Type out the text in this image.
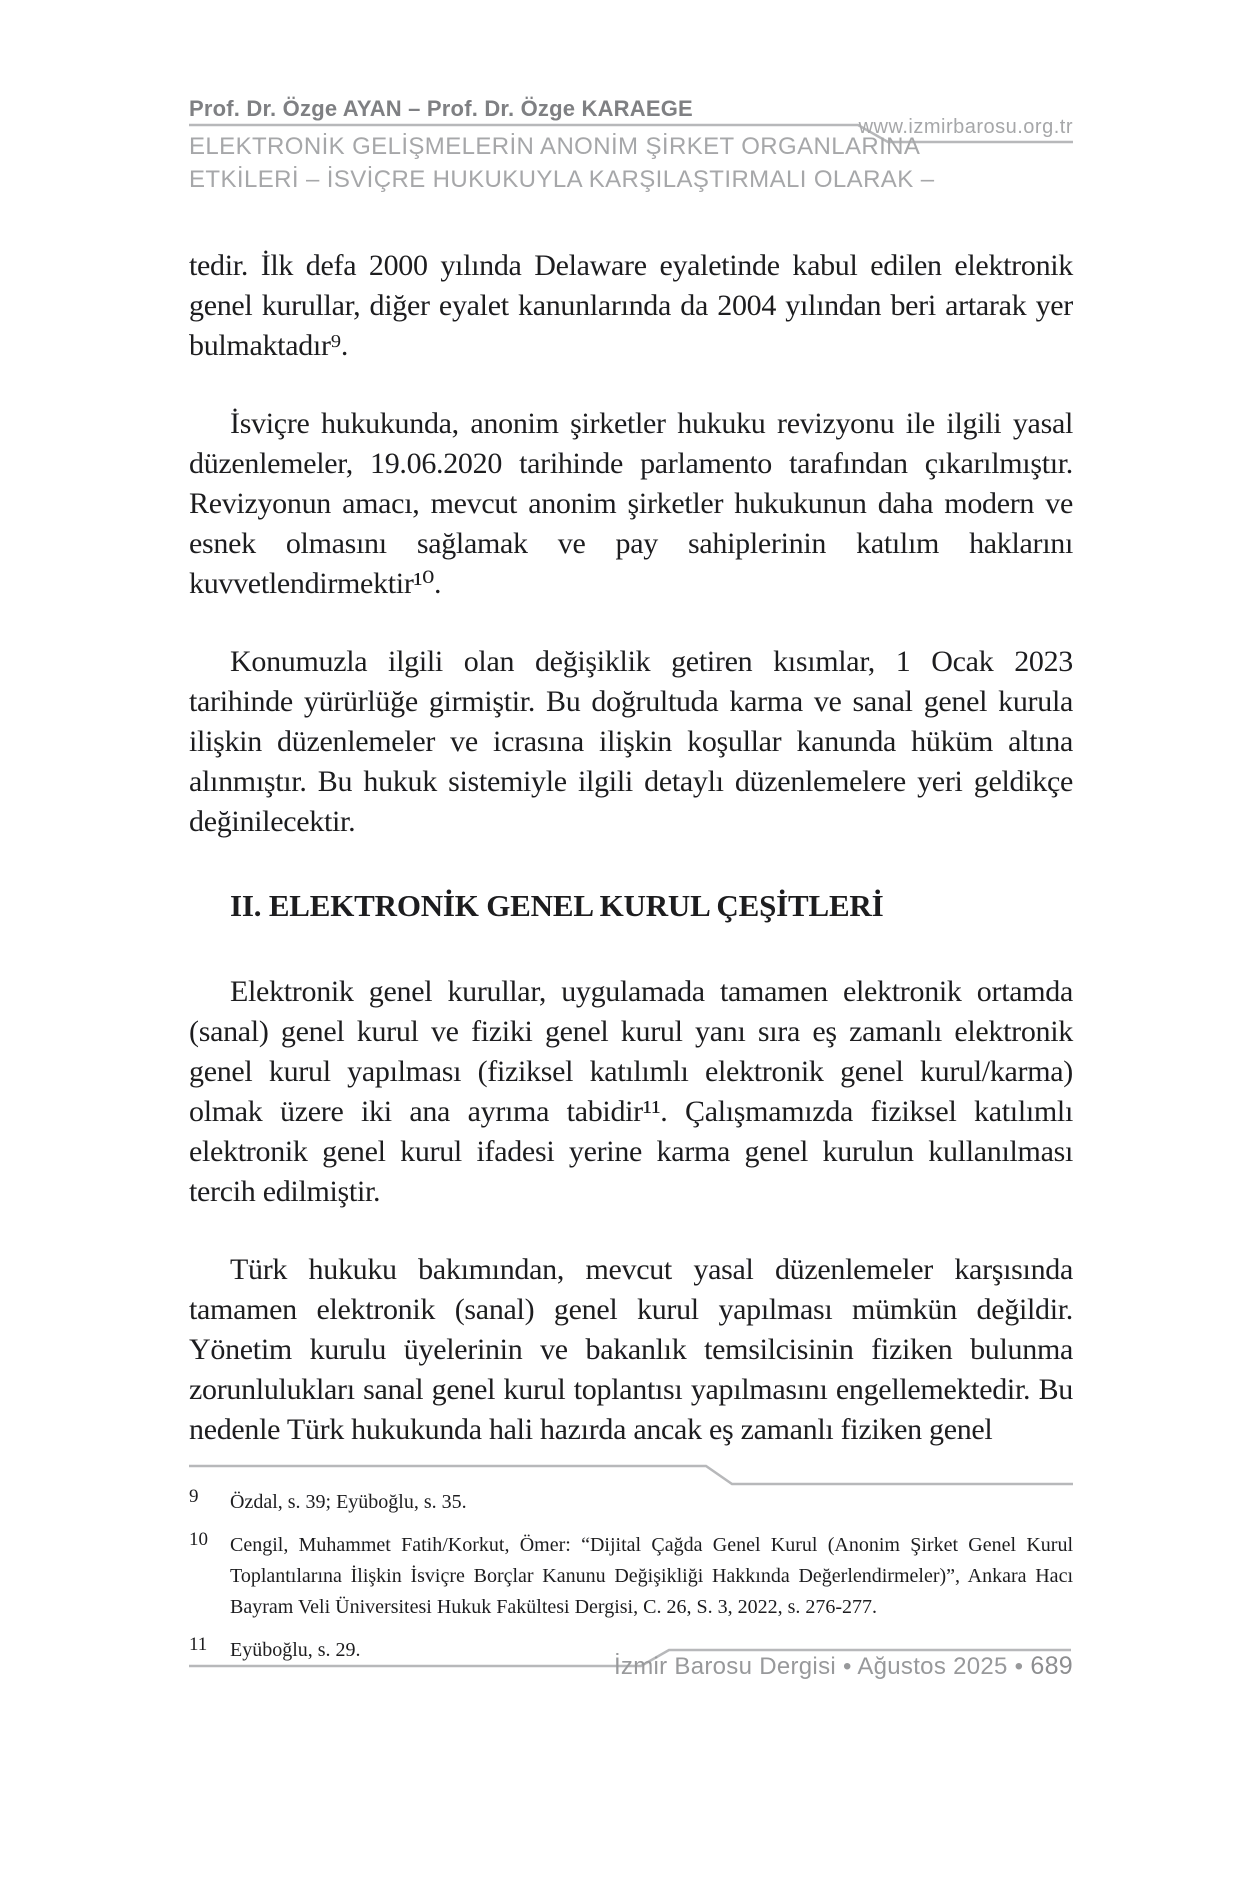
Prof. Dr. Özge AYAN – Prof. Dr. Özge KARAEGE
www.izmirbarosu.org.tr
ELEKTRONİK GELİŞMELERİN ANONİM ŞİRKET ORGANLARINA
ETKİLERİ – İSVİÇRE HUKUKUYLA KARŞILAŞTIRMALI OLARAK –

tedir. İlk defa 2000 yılında Delaware eyaletinde kabul edilen elektronik genel kurullar, diğer eyalet kanunlarında da 2004 yılından beri artarak yer bulmaktadır⁹.

İsviçre hukukunda, anonim şirketler hukuku revizyonu ile ilgili yasal düzenlemeler, 19.06.2020 tarihinde parlamento tarafından çıkarılmıştır. Revizyonun amacı, mevcut anonim şirketler hukukunun daha modern ve esnek olmasını sağlamak ve pay sahiplerinin katılım haklarını kuvvetlendirmektir¹⁰.

Konumuzla ilgili olan değişiklik getiren kısımlar, 1 Ocak 2023 tarihinde yürürlüğe girmiştir. Bu doğrultuda karma ve sanal genel kurula ilişkin düzenlemeler ve icrasına ilişkin koşullar kanunda hüküm altına alınmıştır. Bu hukuk sistemiyle ilgili detaylı düzenlemelere yeri geldikçe değinilecektir.

II. ELEKTRONİK GENEL KURUL ÇEŞİTLERİ

Elektronik genel kurullar, uygulamada tamamen elektronik ortamda (sanal) genel kurul ve fiziki genel kurul yanı sıra eş zamanlı elektronik genel kurul yapılması (fiziksel katılımlı elektronik genel kurul/karma) olmak üzere iki ana ayrıma tabidir¹¹. Çalışmamızda fiziksel katılımlı elektronik genel kurul ifadesi yerine karma genel kurulun kullanılması tercih edilmiştir.

Türk hukuku bakımından, mevcut yasal düzenlemeler karşısında tamamen elektronik (sanal) genel kurul yapılması mümkün değildir. Yönetim kurulu üyelerinin ve bakanlık temsilcisinin fiziken bulunma zorunlulukları sanal genel kurul toplantısı yapılmasını engellemektedir. Bu nedenle Türk hukukunda hali hazırda ancak eş zamanlı fiziken genel

9 Özdal, s. 39; Eyüboğlu, s. 35.
10 Cengil, Muhammet Fatih/Korkut, Ömer: “Dijital Çağda Genel Kurul (Anonim Şirket Genel Kurul Toplantılarına İlişkin İsviçre Borçlar Kanunu Değişikliği Hakkında Değerlendirmeler)”, Ankara Hacı Bayram Veli Üniversitesi Hukuk Fakültesi Dergisi, C. 26, S. 3, 2022, s. 276-277.
11 Eyüboğlu, s. 29.
İzmir Barosu Dergisi • Ağustos 2025 • 689
